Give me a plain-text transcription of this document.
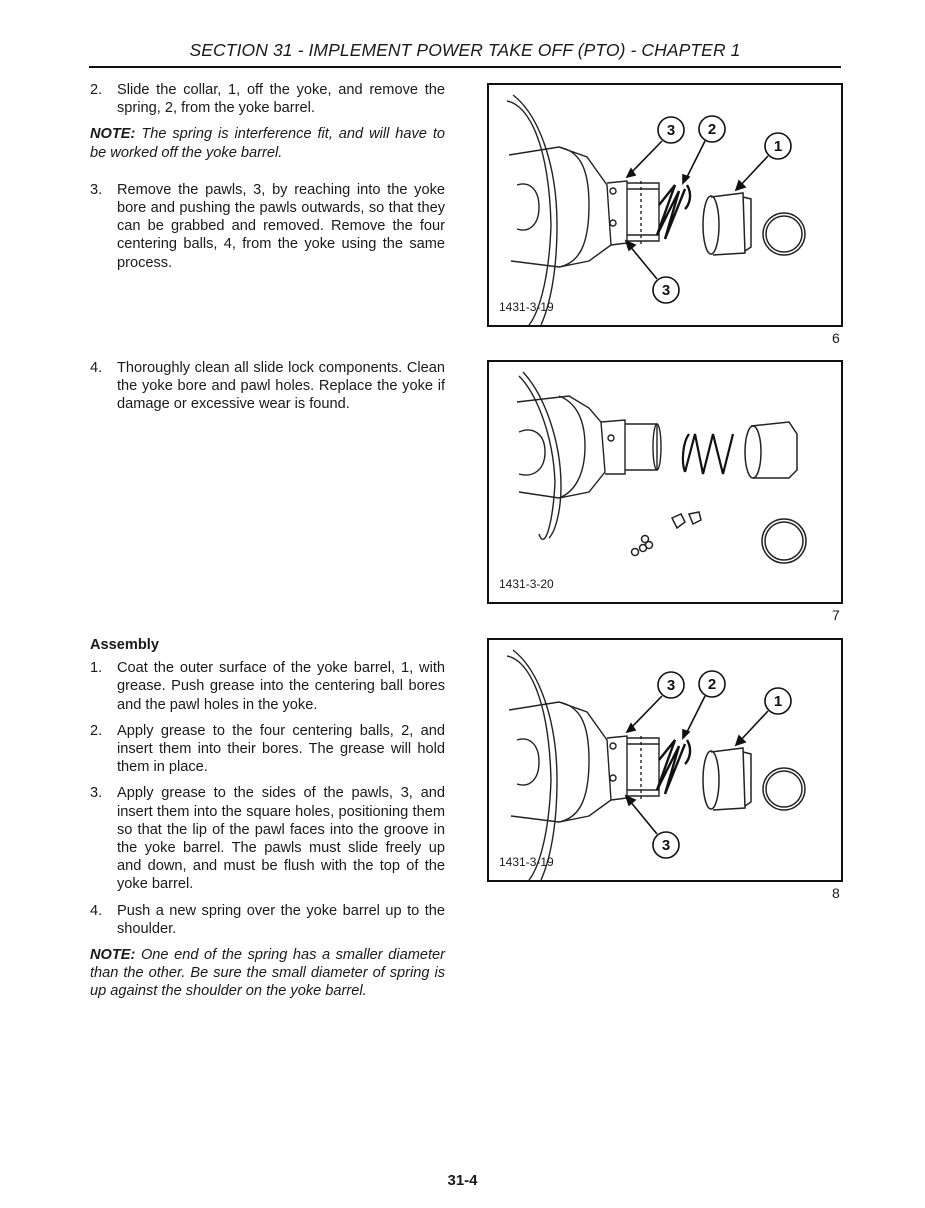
SECTION 31 - IMPLEMENT POWER TAKE OFF (PTO) - CHAPTER 1
2. Slide the collar, 1, off the yoke, and remove the spring, 2, from the yoke barrel.
NOTE: The spring is interference fit, and will have to be worked off the yoke barrel.
3. Remove the pawls, 3, by reaching into the yoke bore and pushing the pawls outwards, so that they can be grabbed and removed. Remove the four centering balls, 4, from the yoke using the same process.
4. Thoroughly clean all slide lock components. Clean the yoke bore and pawl holes. Replace the yoke if damage or excessive wear is found.
Assembly
1. Coat the outer surface of the yoke barrel, 1, with grease. Push grease into the centering ball bores and the pawl holes in the yoke.
2. Apply grease to the four centering balls, 2, and insert them into their bores. The grease will hold them in place.
3. Apply grease to the sides of the pawls, 3, and insert them into the square holes, positioning them so that the lip of the pawl faces into the groove in the yoke barrel. The pawls must slide freely up and down, and must be flush with the top of the yoke barrel.
4. Push a new spring over the yoke barrel up to the shoulder.
NOTE: One end of the spring has a smaller diameter than the other. Be sure the small diameter of spring is up against the shoulder on the yoke barrel.
3 2
1
3
1431-3-19
6
1431-3-20
7
3 2
1
3
1431-3-19
8
31-4
